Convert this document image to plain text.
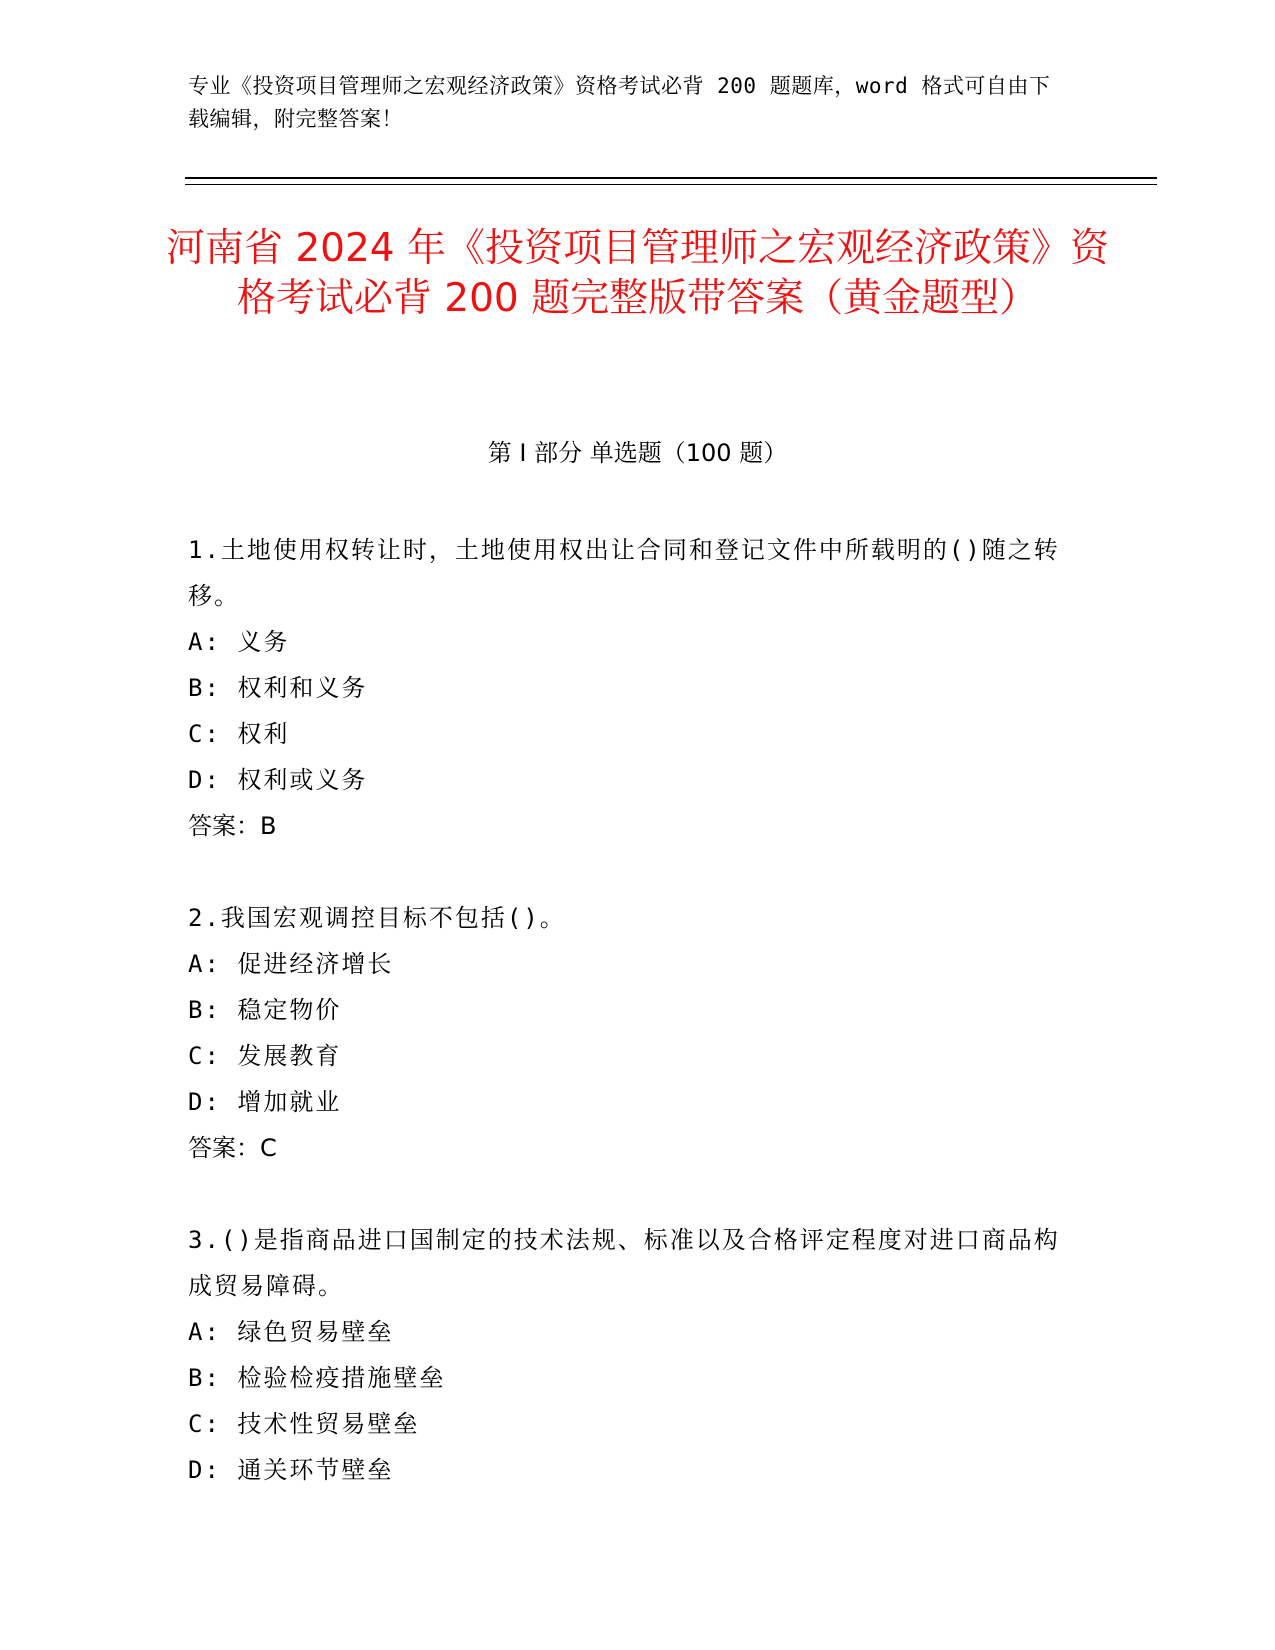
专业《投资项目管理师之宏观经济政策》资格考试必背 200 题题库，word 格式可自由下载编辑，附完整答案！
河南省 2024 年《投资项目管理师之宏观经济政策》资格考试必背 200 题完整版带答案（黄金题型）
第 I 部分 单选题（100 题）
1.土地使用权转让时，土地使用权出让合同和登记文件中所载明的()随之转移。
A: 义务
B: 权利和义务
C: 权利
D: 权利或义务
答案：B
2.我国宏观调控目标不包括()。
A: 促进经济增长
B: 稳定物价
C: 发展教育
D: 增加就业
答案：C
3.()是指商品进口国制定的技术法规、标准以及合格评定程度对进口商品构成贸易障碍。
A: 绿色贸易壁垒
B: 检验检疫措施壁垒
C: 技术性贸易壁垒
D: 通关环节壁垒
